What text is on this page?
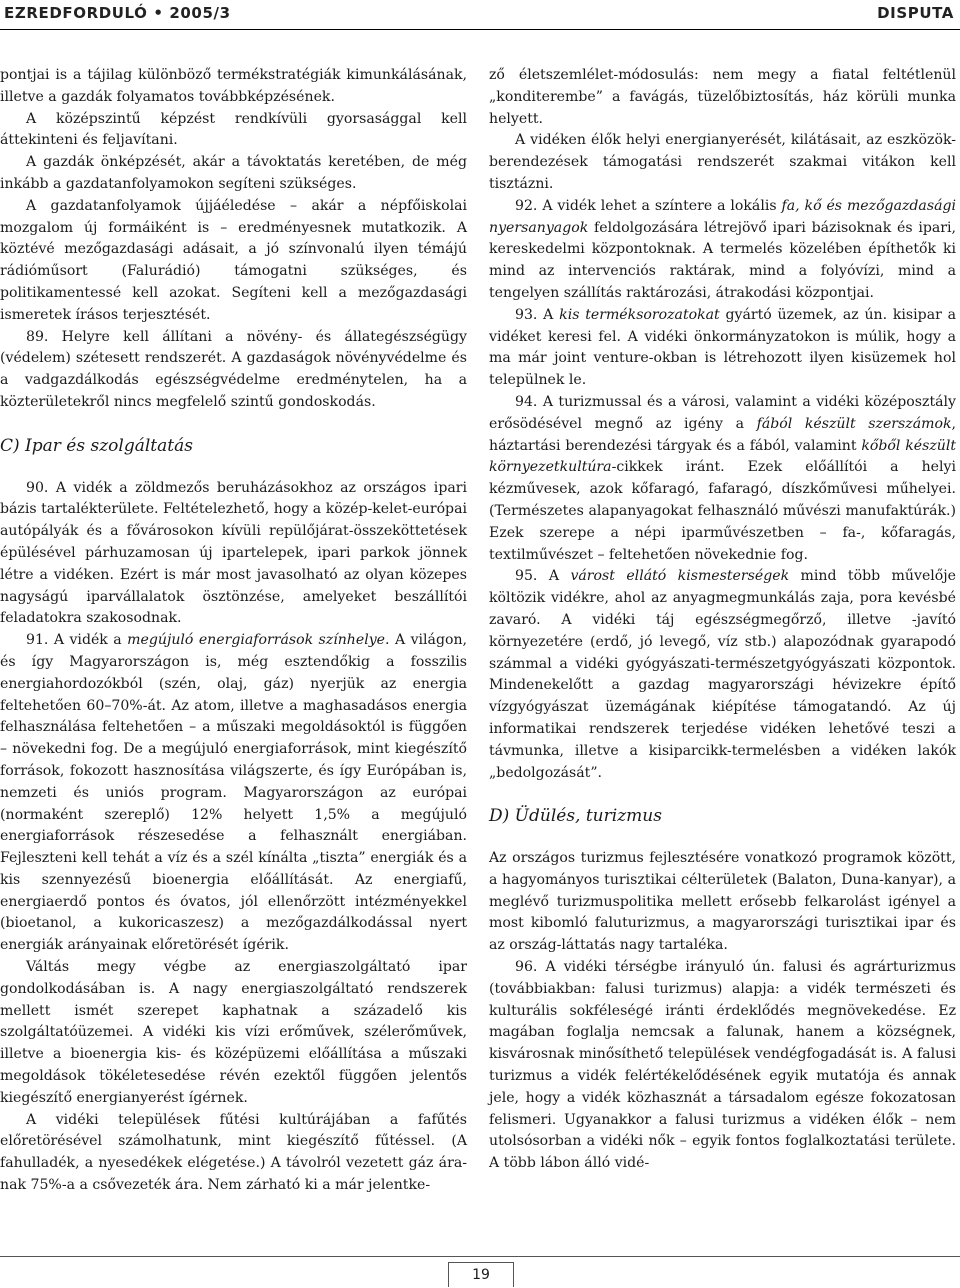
EZREDFORDULÓ • 2005/3	DISPUTA

pontjai is a tájilag különböző termékstratégiák kimunkálásának, illetve a gazdák folyamatos továbbképzésének.

A középszintű képzést rendkívüli gyorsasággal kell áttekinteni és feljavítani.

A gazdák önképzését, akár a távoktatás keretében, de még inkább a gazdatanfolyamokon segíteni szükséges.

A gazdatanfolyamok újjáéledése – akár a népfőiskolai mozgalom új formáiként is – eredményesnek mutatkozik. A köztévé mezőgazdasági adásait, a jó színvonalú ilyen témájú rádióműsort (Falurádió) támogatni szükséges, és politikamentessé kell azokat. Segíteni kell a mezőgazdasági ismeretek írásos terjesztését.

89. Helyre kell állítani a növény- és állategészségügy (védelem) szétesett rendszerét. A gazdaságok növényvédelme és a vadgazdálkodás egészségvédelme eredménytelen, ha a közterületekről nincs megfelelő szintű gondoskodás.

C) Ipar és szolgáltatás

90. A vidék a zöldmezős beruházásokhoz az országos ipari bázis tartalékterülete. Feltételezhető, hogy a közép-kelet-európai autópályák és a fővárosokon kívüli repülőjárat-összeköttetések épülésével párhuzamosan új ipartelepek, ipari parkok jönnek létre a vidéken. Ezért is már most javasolható az olyan közepes nagyságú iparvállalatok ösztönzése, amelyeket beszállítói feladatokra szakosodnak.

91. A vidék a megújuló energiaforrások színhelye. A világon, és így Magyarországon is, még esztendőkig a fosszilis energiahordozókból (szén, olaj, gáz) nyerjük az energia feltehetően 60–70%-át. Az atom, illetve a maghasadásos energia felhasználása feltehetően – a műszaki megoldásoktól is függően – növekedni fog. De a megújuló energiaforrások, mint kiegészítő források, fokozott hasznosítása világszerte, és így Európában is, nemzeti és uniós program. Magyarországon az európai (normaként szereplő) 12% helyett 1,5% a megújuló energiaforrások részesedése a felhasznált energiában. Fejleszteni kell tehát a víz és a szél kínálta „tiszta” energiák és a kis szennyezésű bioenergia előállítását. Az energiafű, energiaerdő pontos és óvatos, jól ellenőrzött intézményekkel (bioetanol, a kukoricaszesz) a mezőgazdálkodással nyert energiák arányainak előretörését ígérik.

Váltás megy végbe az energiaszolgáltató ipar gondolkodásában is. A nagy energiaszolgáltató rendszerek mellett ismét szerepet kaphatnak a századelő kis szolgáltatóüzemei. A vidéki kis vízi erőművek, szélerőművek, illetve a bioenergia kis- és középüzemi előállítása a műszaki megoldások tökéletesedése révén ezektől függően jelentős kiegészítő energianyerést ígérnek.

A vidéki települések fűtési kultúrájában a fafűtés előretörésével számolhatunk, mint kiegészítő fűtéssel. (A fahulladék, a nyesedékek elégetése.) A távolról vezetett gáz ára-nak 75%-a a csővezeték ára. Nem zárható ki a már jelentke-

ző életszemlélet-módosulás: nem megy a fiatal feltétlenül „konditerembe” a favágás, tüzelőbiztosítás, ház körüli munka helyett.

A vidéken élők helyi energianyerését, kilátásait, az eszközök-berendezések támogatási rendszerét szakmai vitákon kell tisztázni.

92. A vidék lehet a színtere a lokális fa, kő és mezőgazdasági nyersanyagok feldolgozására létrejövő ipari bázisoknak és ipari, kereskedelmi központoknak. A termelés közelében építhetők ki mind az intervenciós raktárak, mind a folyóvízi, mind a tengelyen szállítás raktározási, átrakodási központjai.

93. A kis terméksorozatokat gyártó üzemek, az ún. kisipar a vidéket keresi fel. A vidéki önkormányzatokon is múlik, hogy a ma már joint venture-okban is létrehozott ilyen kisüzemek hol települnek le.

94. A turizmussal és a városi, valamint a vidéki középosztály erősödésével megnő az igény a fából készült szerszámok, háztartási berendezési tárgyak és a fából, valamint kőből készült környezetkultúra-cikkek iránt. Ezek előállítói a helyi kézművesek, azok kőfaragó, fafaragó, díszkőművesi műhelyei. (Természetes alapanyagokat felhasználó művészi manufaktúrák.) Ezek szerepe a népi iparművészetben – fa-, kőfaragás, textilművészet – feltehetően növekednie fog.

95. A várost ellátó kismesterségek mind több művelője költözik vidékre, ahol az anyagmegmunkálás zaja, pora kevésbé zavaró. A vidéki táj egészségmegőrző, illetve -javító környezetére (erdő, jó levegő, víz stb.) alapozódnak gyarapodó számmal a vidéki gyógyászati-természetgyógyászati központok. Mindenekelőtt a gazdag magyarországi hévizekre építő vízgyógyászat üzemágának kiépítése támogatandó. Az új informatikai rendszerek terjedése vidéken lehetővé teszi a távmunka, illetve a kisiparcikk-termelésben a vidéken lakók „bedolgozását”.

D) Üdülés, turizmus

Az országos turizmus fejlesztésére vonatkozó programok között, a hagyományos turisztikai célterületek (Balaton, Duna-kanyar), a meglévő turizmuspolitika mellett erősebb felkarolást igényel a most kibomló faluturizmus, a magyarországi turisztikai ipar és az ország-láttatás nagy tartaléka.

96. A vidéki térségbe irányuló ún. falusi és agrárturizmus (továbbiakban: falusi turizmus) alapja: a vidék természeti és kulturális sokféleségé iránti érdeklődés megnövekedése. Ez magában foglalja nemcsak a falunak, hanem a községnek, kisvárosnak minősíthető települések vendégfogadását is. A falusi turizmus a vidék felértékelődésének egyik mutatója és annak jele, hogy a vidék közhasznát a társadalom egésze fokozatosan felismeri. Ugyanakkor a falusi turizmus a vidéken élők – nem utolsósorban a vidéki nők – egyik fontos foglalkoztatási területe. A több lábon álló vidé-

19
